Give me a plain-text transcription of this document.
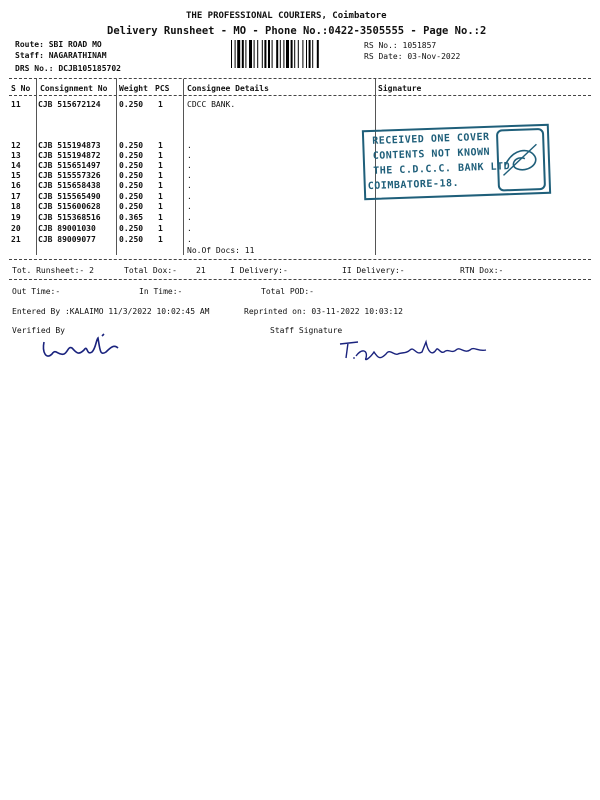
THE PROFESSIONAL COURIERS, Coimbatore
Delivery Runsheet - MO - Phone No.:0422-3505555 - Page No.:2
Route: SBI ROAD MO
Staff: NAGARATHINAM
DRS No.: DCJB105185702
RS No.: 1051857
RS Date: 03-Nov-2022
S No Consignment No Weight PCS Consignee Details	Signature
11 CJB 515672124 0.250 1	CDCC BANK.
12 CJB 515194873 0.250 1	.
13 CJB 515194872 0.250 1	.
14 CJB 515651497 0.250 1	.
15 CJB 515557326 0.250 1	.
16 CJB 515658438 0.250 1	.
17 CJB 515565490 0.250 1	.
18 CJB 515600628 0.250 1	.
19 CJB 515368516 0.365 1	.
20 CJB 89001030	0.250 1	.
21 CJB 89009077	0.250 1	.
No.Of Docs: 11
RECEIVED ONE COVER
CONTENTS NOT KNOWN
THE C.D.C.C. BANK LTD
COIMBATORE-18.
Tot. Runsheet:- 2	Total Dox:- 21	I Delivery:-	II Delivery:-	RTN Dox:-
Out Time:-	In Time:-	Total POD:-
Entered By :KALAIMO 11/3/2022 10:02:45 AM	Reprinted on: 03-11-2022 10:03:12
Verified By	Staff Signature
